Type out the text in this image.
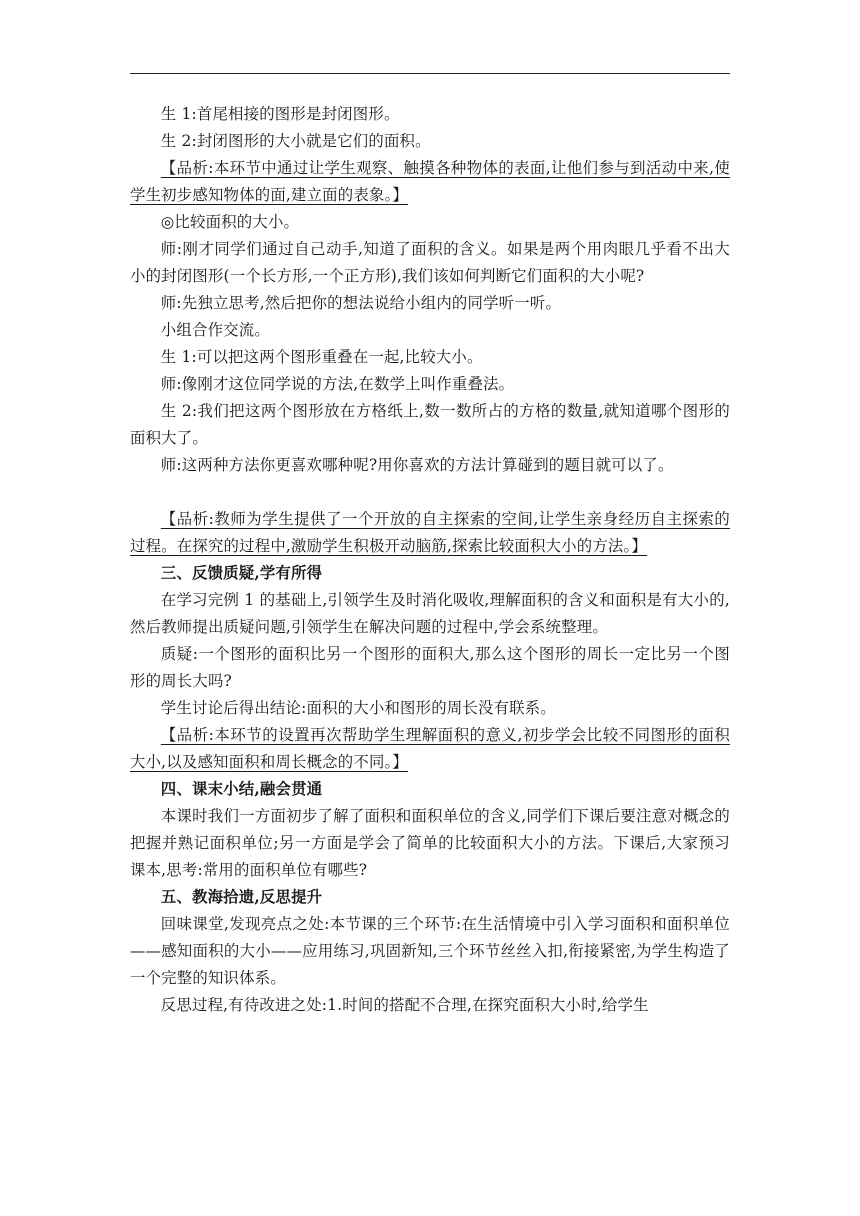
生 1:首尾相接的图形是封闭图形。

生 2:封闭图形的大小就是它们的面积。

【品析:本环节中通过让学生观察、触摸各种物体的表面,让他们参与到活动中来,使学生初步感知物体的面,建立面的表象。】

◎比较面积的大小。

师:刚才同学们通过自己动手,知道了面积的含义。如果是两个用肉眼几乎看不出大小的封闭图形(一个长方形,一个正方形),我们该如何判断它们面积的大小呢?

师:先独立思考,然后把你的想法说给小组内的同学听一听。

小组合作交流。

生 1:可以把这两个图形重叠在一起,比较大小。

师:像刚才这位同学说的方法,在数学上叫作重叠法。

生 2:我们把这两个图形放在方格纸上,数一数所占的方格的数量,就知道哪个图形的面积大了。

师:这两种方法你更喜欢哪种呢?用你喜欢的方法计算碰到的题目就可以了。

【品析:教师为学生提供了一个开放的自主探索的空间,让学生亲身经历自主探索的过程。在探究的过程中,激励学生积极开动脑筋,探索比较面积大小的方法。】

三、反馈质疑,学有所得

在学习完例 1 的基础上,引领学生及时消化吸收,理解面积的含义和面积是有大小的,然后教师提出质疑问题,引领学生在解决问题的过程中,学会系统整理。

质疑:一个图形的面积比另一个图形的面积大,那么这个图形的周长一定比另一个图形的周长大吗?

学生讨论后得出结论:面积的大小和图形的周长没有联系。

【品析:本环节的设置再次帮助学生理解面积的意义,初步学会比较不同图形的面积大小,以及感知面积和周长概念的不同。】

四、课末小结,融会贯通

本课时我们一方面初步了解了面积和面积单位的含义,同学们下课后要注意对概念的把握并熟记面积单位;另一方面是学会了简单的比较面积大小的方法。下课后,大家预习课本,思考:常用的面积单位有哪些?

五、教海拾遗,反思提升

回味课堂,发现亮点之处:本节课的三个环节:在生活情境中引入学习面积和面积单位——感知面积的大小——应用练习,巩固新知,三个环节丝丝入扣,衔接紧密,为学生构造了一个完整的知识体系。

反思过程,有待改进之处:1.时间的搭配不合理,在探究面积大小时,给学生
